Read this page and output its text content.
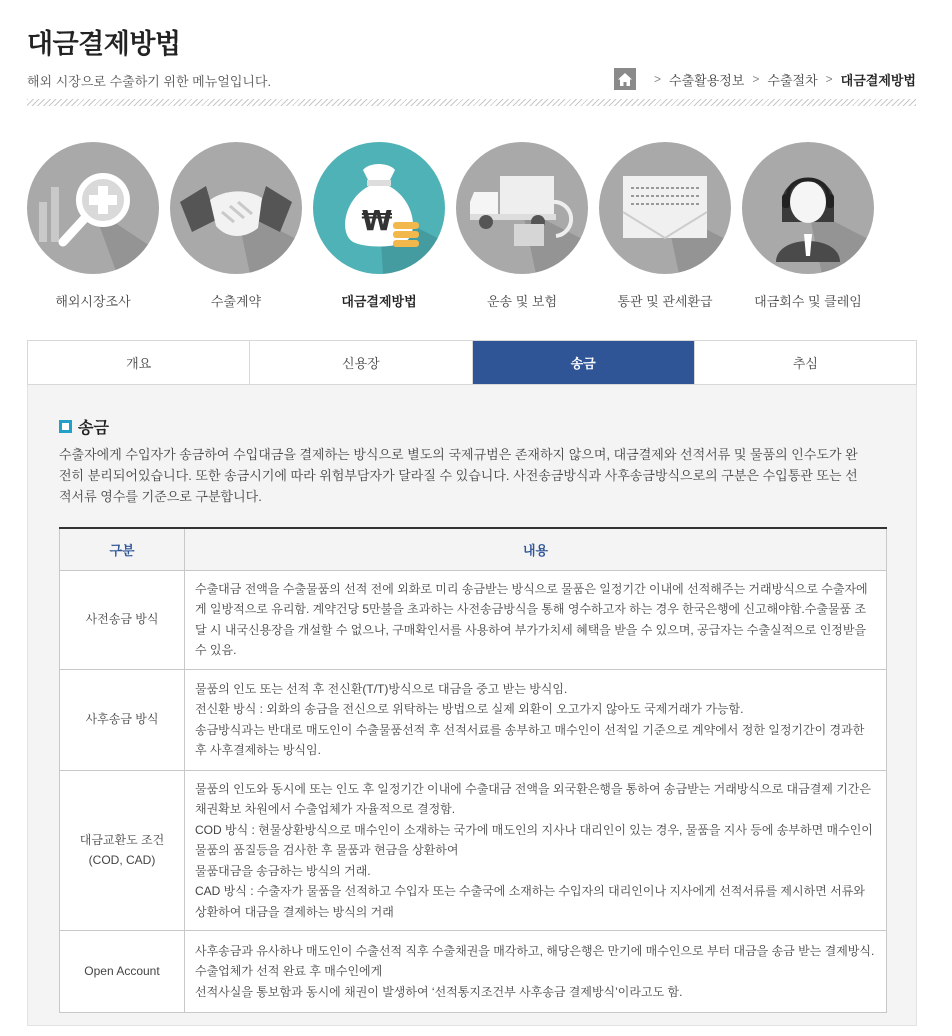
대금결제방법
해외 시장으로 수출하기 위한 메뉴얼입니다.	> 수출활용정보 > 수출절차 > 대금결제방법
해외시장조사	수출계약
₩
대금결제방법	운송 및 보험	통관 및 관세환급	대금회수 및 클레임
개요	신용장	송금	추심
송금
수출자에게 수입자가 송금하여 수입대금을 결제하는 방식으로 별도의 국제규범은 존재하지 않으며, 대금결제와 선적서류 및 물품의 인수도가 완전히 분리되어있습니다. 또한 송금시기에 따라 위험부담자가 달라질 수 있습니다. 사전송금방식과 사후송금방식으로의 구분은 수입통관 또는 선적서류 영수를 기준으로 구분합니다.
구분	내용
사전송금 방식	수출대금 전액을 수출물품의 선적 전에 외화로 미리 송금받는 방식으로 물품은 일정기간 이내에 선적해주는 거래방식으로 수출자에게 일방적으로 유리함. 계약건당 5만불을 초과하는 사전송금방식을 통해 영수하고자 하는 경우 한국은행에 신고해야함.수출물품 조달 시 내국신용장을 개설할 수 없으나, 구매확인서를 사용하여 부가가치세 혜택을 받을 수 있으며, 공급자는 수출실적으로 인정받을 수 있음.
사후송금 방식	물품의 인도 또는 선적 후 전신환(T/T)방식으로 대금을 중고 받는 방식임.
전신환 방식 : 외화의 송금을 전신으로 위탁하는 방법으로 실제 외환이 오고가지 않아도 국제거래가 가능함.
송금방식과는 반대로 매도인이 수출물품선적 후 선적서료를 송부하고 매수인이 선적일 기준으로 계약에서 정한 일정기간이 경과한 후 사후결제하는 방식임.
대금교환도 조건
(COD, CAD)	물품의 인도와 동시에 또는 인도 후 일정기간 이내에 수출대금 전액을 외국환은행을 통하여 송금받는 거래방식으로 대금결제 기간은 채권확보 차원에서 수출업체가 자율적으로 결정함.
COD 방식 : 현물상환방식으로 매수인이 소재하는 국가에 매도인의 지사나 대리인이 있는 경우, 물품을 지사 등에 송부하면 매수인이 물품의 품질등을 검사한 후 물품과 현금을 상환하여
물품대금을 송금하는 방식의 거래.
CAD 방식 : 수출자가 물품을 선적하고 수입자 또는 수출국에 소재하는 수입자의 대리인이나 지사에게 선적서류를 제시하면 서류와 상환하여 대금을 결제하는 방식의 거래
Open Account	사후송금과 유사하나 매도인이 수출선적 직후 수출채권을 매각하고, 해당은행은 만기에 매수인으로 부터 대금을 송금 받는 결제방식. 수출업체가 선적 완료 후 매수인에게
선적사실을 통보함과 동시에 채권이 발생하여 ‘선적통지조건부 사후송금 결제방식’이라고도 함.
